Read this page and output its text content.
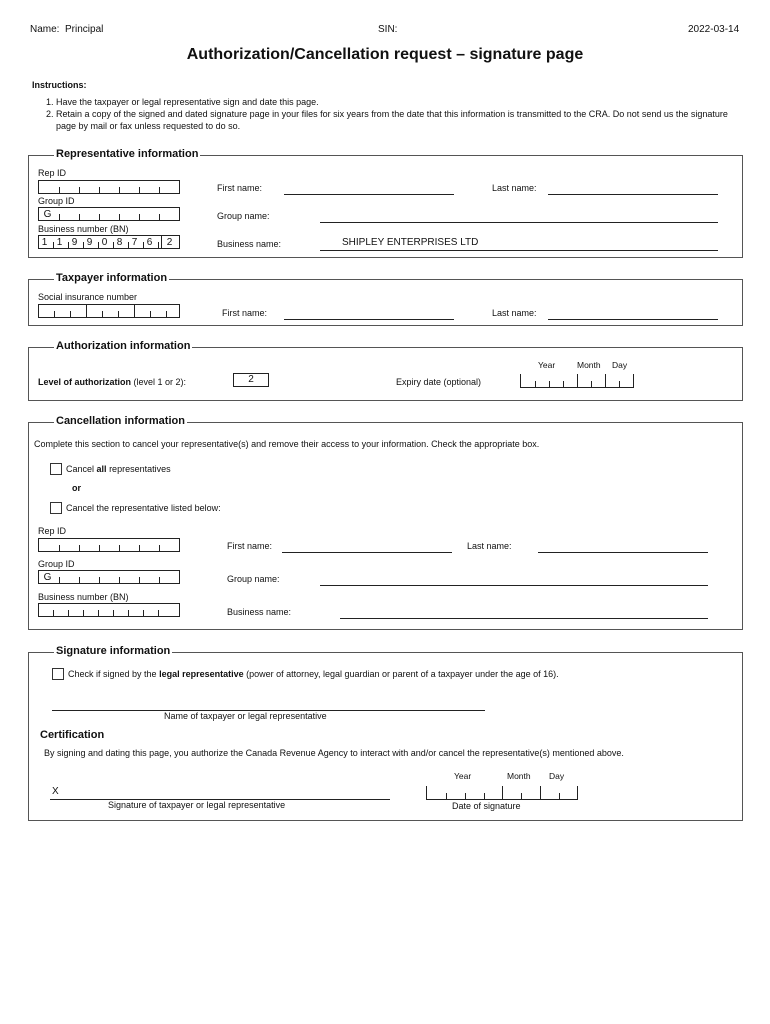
Name: Principal	SIN:	2022-03-14
Authorization/Cancellation request – signature page
Instructions:
1. Have the taxpayer or legal representative sign and date this page.
2. Retain a copy of the signed and dated signature page in your files for six years from the date that this information is transmitted to the CRA. Do not send us the signature page by mail or fax unless requested to do so.
Representative information
Rep ID
Group ID
G
Business number (BN)
1 1 9 9 0 8 7 6 2
First name:	Last name:
Group name:
Business name:	SHIPLEY ENTERPRISES LTD
Taxpayer information
Social insurance number
First name:	Last name:
Authorization information
Level of authorization (level 1 or 2):	2	Expiry date (optional)
Year	Month Day
Cancellation information
Complete this section to cancel your representative(s) and remove their access to your information. Check the appropriate box.
Cancel all representatives
or
Cancel the representative listed below:
Rep ID
Group ID
G
Business number (BN)
First name:	Last name:
Group name:
Business name:
Signature information
Check if signed by the legal representative (power of attorney, legal guardian or parent of a taxpayer under the age of 16).
Name of taxpayer or legal representative
Certification
By signing and dating this page, you authorize the Canada Revenue Agency to interact with and/or cancel the representative(s) mentioned above.
X
Signature of taxpayer or legal representative
Year	Month Day
Date of signature
